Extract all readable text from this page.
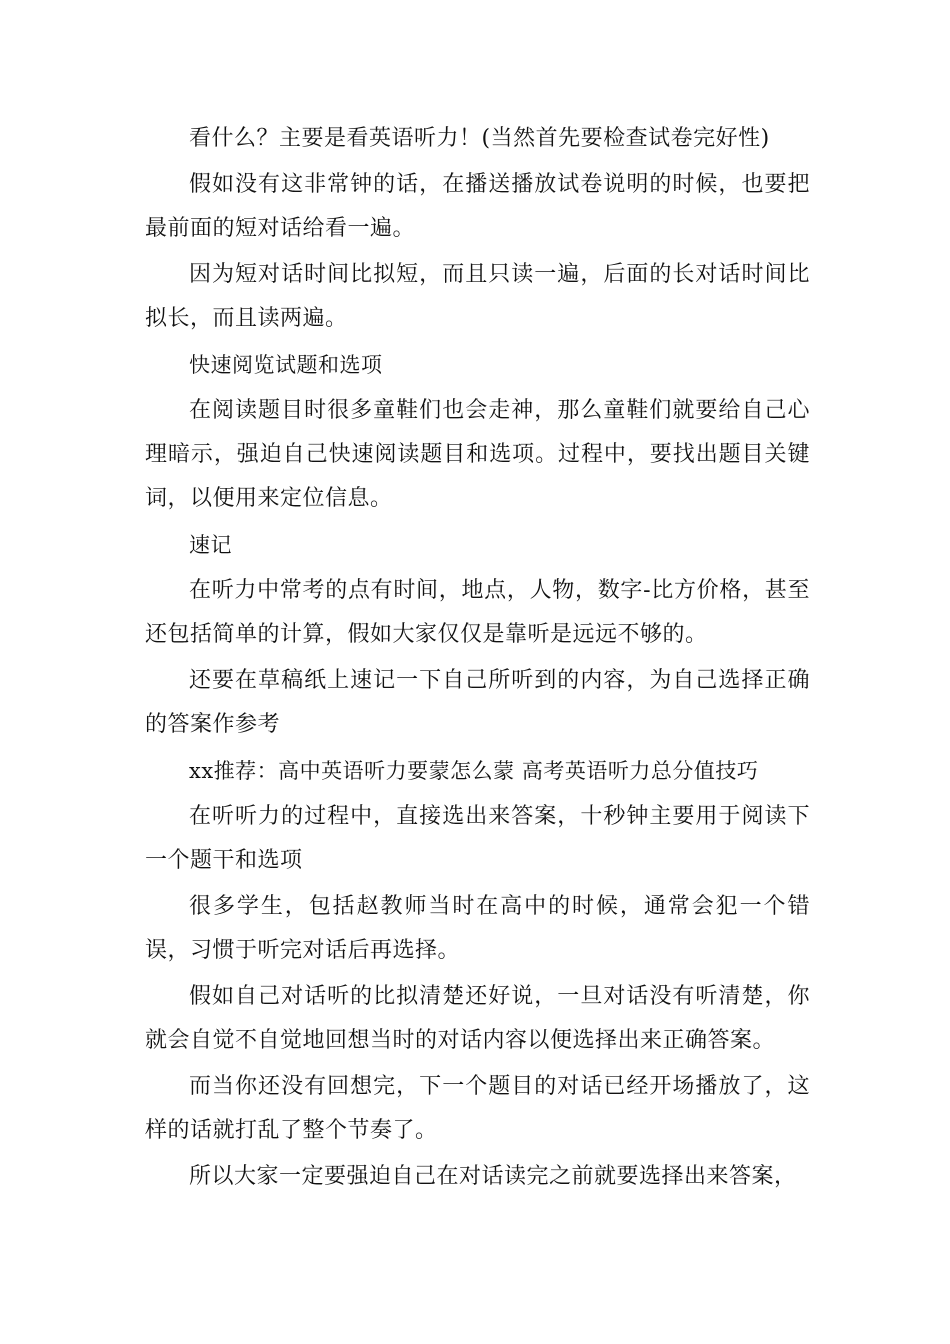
看什么？主要是看英语听力！(当然首先要检查试卷完好性)

假如没有这非常钟的话，在播送播放试卷说明的时候，也要把最前面的短对话给看一遍。

因为短对话时间比拟短，而且只读一遍，后面的长对话时间比拟长，而且读两遍。

快速阅览试题和选项

在阅读题目时很多童鞋们也会走神，那么童鞋们就要给自己心理暗示，强迫自己快速阅读题目和选项。过程中，要找出题目关键词，以便用来定位信息。

速记

在听力中常考的点有时间，地点，人物，数字-比方价格，甚至还包括简单的计算，假如大家仅仅是靠听是远远不够的。

还要在草稿纸上速记一下自己所听到的内容，为自己选择正确的答案作参考

xx推荐：高中英语听力要蒙怎么蒙 高考英语听力总分值技巧

在听听力的过程中，直接选出来答案，十秒钟主要用于阅读下一个题干和选项

很多学生，包括赵教师当时在高中的时候，通常会犯一个错误，习惯于听完对话后再选择。

假如自己对话听的比拟清楚还好说，一旦对话没有听清楚，你就会自觉不自觉地回想当时的对话内容以便选择出来正确答案。

而当你还没有回想完，下一个题目的对话已经开场播放了，这样的话就打乱了整个节奏了。

所以大家一定要强迫自己在对话读完之前就要选择出来答案，
